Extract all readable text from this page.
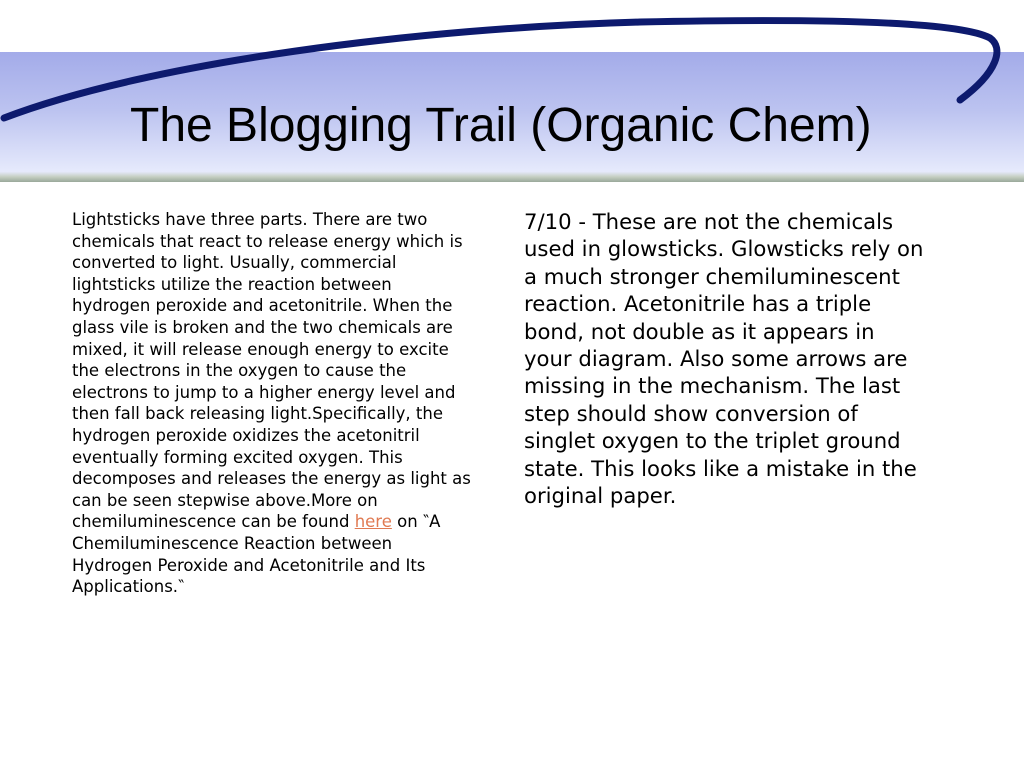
The Blogging Trail (Organic Chem)
Lightsticks have three parts. There are two chemicals that react to release energy which is converted to light. Usually, commercial lightsticks utilize the reaction between hydrogen peroxide and acetonitrile. When the glass vile is broken and the two chemicals are mixed, it will release enough energy to excite the electrons in the oxygen to cause the electrons to jump to a higher energy level and then fall back releasing light.Specifically, the hydrogen peroxide oxidizes the acetonitril eventually forming excited oxygen. This decomposes and releases the energy as light as can be seen stepwise above.More on chemiluminescence can be found here on ‶A Chemiluminescence Reaction between Hydrogen Peroxide and Acetonitrile and Its Applications.‶
7/10 - These are not the chemicals used in glowsticks. Glowsticks rely on a much stronger chemiluminescent reaction. Acetonitrile has a triple bond, not double as it appears in your diagram. Also some arrows are missing in the mechanism. The last step should show conversion of singlet oxygen to the triplet ground state. This looks like a mistake in the original paper.
